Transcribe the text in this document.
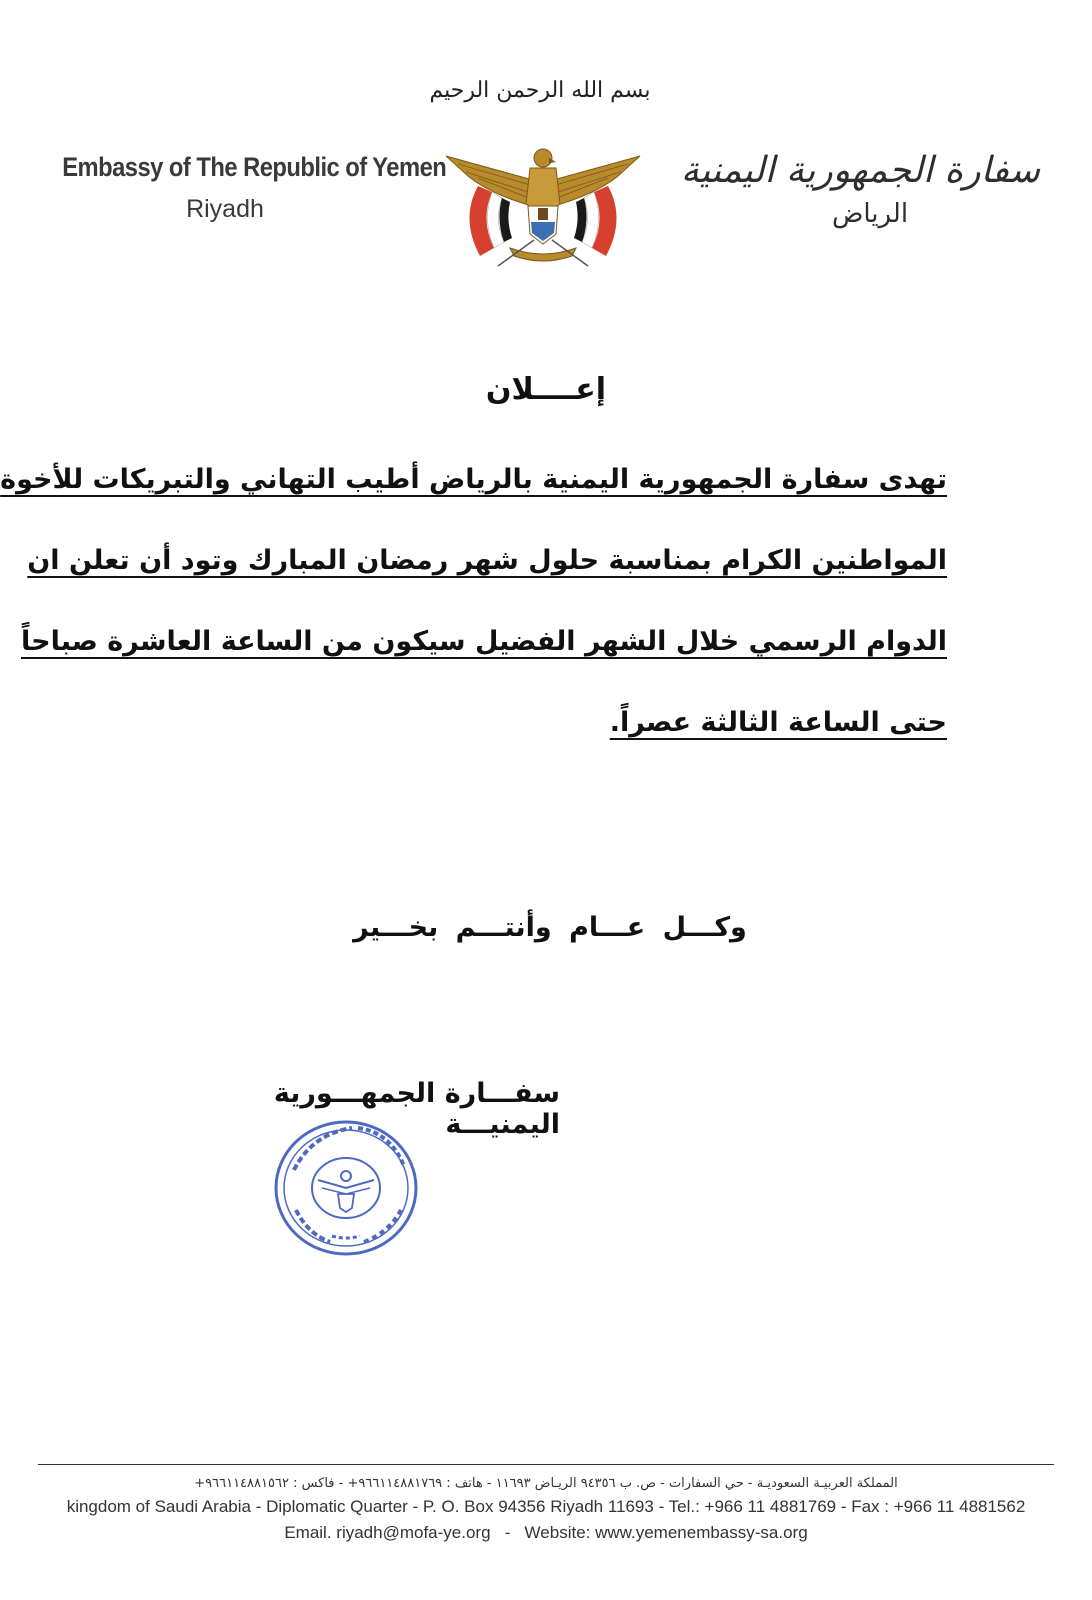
بسم الله الرحمن الرحيم
Embassy of The Republic of Yemen
Riyadh
سفارة الجمهورية اليمنية
الرياض
إعــــلان
تهدى سفارة الجمهورية اليمنية بالرياض أطيب التهاني والتبريكات للأخوة
المواطنين الكرام بمناسبة حلول شهر رمضان المبارك وتود أن تعلن ان
الدوام الرسمي خلال الشهر الفضيل سيكون من الساعة العاشرة صباحاً
حتى الساعة الثالثة عصراً.
وكـــل عـــام وأنتـــم بخـــير
سفـــارة الجمهـــورية اليمنيـــة
المملكة العربيـة السعوديـة - حي السفارات - ص. ب ٩٤٣٥٦ الريـاض ١١٦٩٣ - هاتف : ٩٦٦١١٤٨٨١٧٦٩+ - فاكس : ٩٦٦١١٤٨٨١٥٦٢+
kingdom of Saudi Arabia - Diplomatic Quarter - P. O. Box 94356 Riyadh 11693 - Tel.: +966 11 4881769 - Fax : +966 11 4881562
Email. riyadh@mofa-ye.org   -   Website: www.yemenembassy-sa.org
